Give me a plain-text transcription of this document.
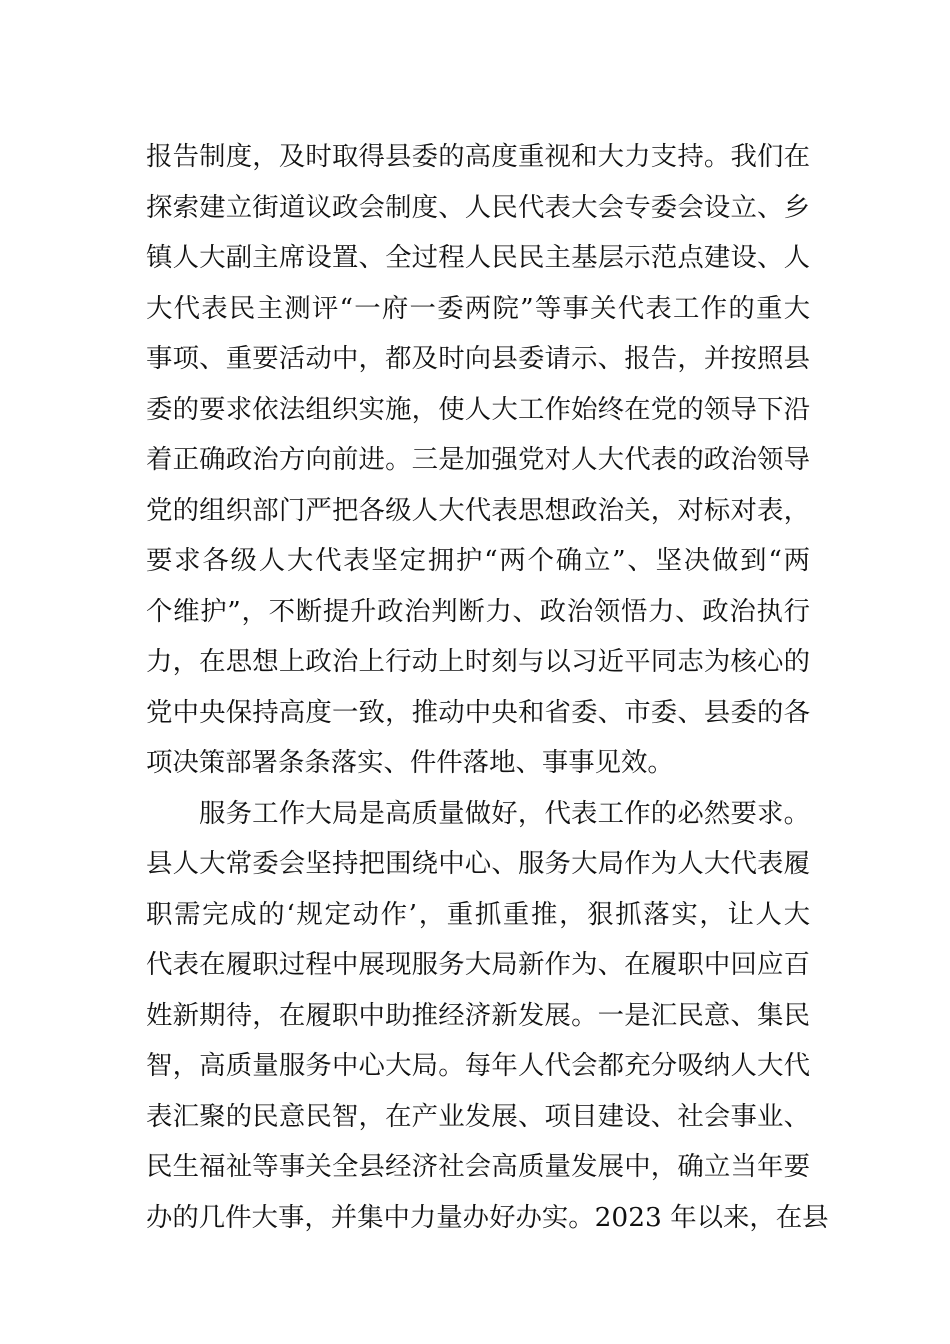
报告制度，及时取得县委的高度重视和大力支持。我们在
探索建立街道议政会制度、人民代表大会专委会设立、乡
镇人大副主席设置、全过程人民民主基层示范点建设、人
大代表民主测评“一府一委两院”等事关代表工作的重大
事项、重要活动中，都及时向县委请示、报告，并按照县
委的要求依法组织实施，使人大工作始终在党的领导下沿
着正确政治方向前进。三是加强党对人大代表的政治领导
党的组织部门严把各级人大代表思想政治关，对标对表，
要求各级人大代表坚定拥护“两个确立”、坚决做到“两
个维护”，不断提升政治判断力、政治领悟力、政治执行
力，在思想上政治上行动上时刻与以习近平同志为核心的
党中央保持高度一致，推动中央和省委、市委、县委的各
项决策部署条条落实、件件落地、事事见效。
服务工作大局是高质量做好，代表工作的必然要求。
县人大常委会坚持把围绕中心、服务大局作为人大代表履
职需完成的‘规定动作’，重抓重推，狠抓落实，让人大
代表在履职过程中展现服务大局新作为、在履职中回应百
姓新期待，在履职中助推经济新发展。一是汇民意、集民
智，高质量服务中心大局。每年人代会都充分吸纳人大代
表汇聚的民意民智，在产业发展、项目建设、社会事业、
民生福祉等事关全县经济社会高质量发展中，确立当年要
办的几件大事，并集中力量办好办实。2023 年以来，在县
